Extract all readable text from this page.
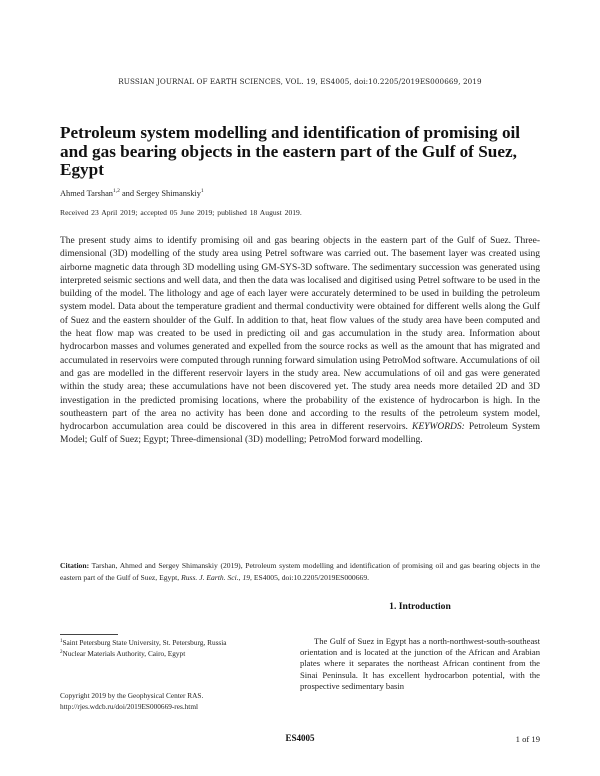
RUSSIAN JOURNAL OF EARTH SCIENCES, VOL. 19, ES4005, doi:10.2205/2019ES000669, 2019
Petroleum system modelling and identification of promising oil and gas bearing objects in the eastern part of the Gulf of Suez, Egypt
Ahmed Tarshan$^{1,2}$ and Sergey Shimanskiy$^1$
Received 23 April 2019; accepted 05 June 2019; published 18 August 2019.

The present study aims to identify promising oil and gas bearing objects in the eastern part of the Gulf of Suez. Three-dimensional (3D) modelling of the study area using Petrel software was carried out. The basement layer was created using airborne magnetic data through 3D modelling using GM-SYS-3D software. The sedimentary succession was generated using interpreted seismic sections and well data, and then the data was localised and digitised using Petrel software to be used in the building of the model. The lithology and age of each layer were accurately determined to be used in building the petroleum system model. Data about the temperature gradient and thermal conductivity were obtained for different wells along the Gulf of Suez and the eastern shoulder of the Gulf. In addition to that, heat flow values of the study area have been computed and the heat flow map was created to be used in predicting oil and gas accumulation in the study area. Information about hydrocarbon masses and volumes generated and expelled from the source rocks as well as the amount that has migrated and accumulated in reservoirs were computed through running forward simulation using PetroMod software. Accumulations of oil and gas are modelled in the different reservoir layers in the study area. New accumulations of oil and gas were generated within the study area; these accumulations have not been discovered yet. The study area needs more detailed 2D and 3D investigation in the predicted promising locations, where the probability of the existence of hydrocarbon is high. In the southeastern part of the area no activity has been done and according to the results of the petroleum system model, hydrocarbon accumulation area could be discovered in this area in different reservoirs. KEYWORDS: Petroleum System Model; Gulf of Suez; Egypt; Three-dimensional (3D) modelling; PetroMod forward modelling.

Citation: Tarshan, Ahmed and Sergey Shimanskiy (2019), Petroleum system modelling and identification of promising oil and gas bearing objects in the eastern part of the Gulf of Suez, Egypt, Russ. J. Earth. Sci., 19, ES4005, doi:10.2205/2019ES000669.

1. Introduction

$^1$Saint Petersburg State University, St. Petersburg, Russia

$^2$Nuclear Materials Authority, Cairo, Egypt

Copyright 2019 by the Geophysical Center RAS.

http://rjes.wdcb.ru/doi/2019ES000669-res.html

The Gulf of Suez in Egypt has a north-northwest-south-southeast orientation and is located at the junction of the African and Arabian plates where it separates the northeast African continent from the Sinai Peninsula. It has excellent hydrocarbon potential, with the prospective sedimentary basin

ES4005	1 of 19
